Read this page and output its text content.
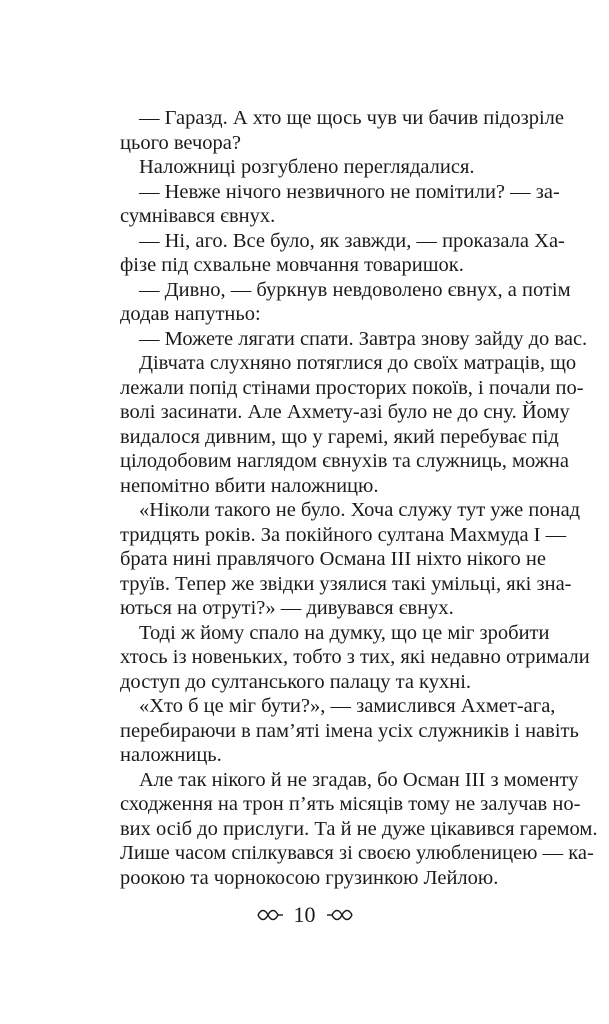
— Гаразд. А хто ще щось чув чи бачив підозріле
цього вечора?
Наложниці розгублено переглядалися.
— Невже нічого незвичного не помітили? — за-
сумнівався євнух.
— Ні, аго. Все було, як завжди, — проказала Ха-
фізе під схвальне мовчання товаришок.
— Дивно, — буркнув невдоволено євнух, а потім
додав напутньо:
— Можете лягати спати. Завтра знову зайду до вас.
Дівчата слухняно потяглися до своїх матраців, що
лежали попід стінами просторих покоїв, і почали по-
волі засинати. Але Ахмету-азі було не до сну. Йому
видалося дивним, що у гаремі, який перебуває під
цілодобовим наглядом євнухів та служниць, можна
непомітно вбити наложницю.
«Ніколи такого не було. Хоча служу тут уже понад
тридцять років. За покійного султана Махмуда І —
брата нині правлячого Османа ІІІ ніхто нікого не
труїв. Тепер же звідки узялися такі умільці, які зна-
ються на отруті?» — дивувався євнух.
Тоді ж йому спало на думку, що це міг зробити
хтось із новеньких, тобто з тих, які недавно отримали
доступ до султанського палацу та кухні.
«Хто б це міг бути?», — замислився Ахмет-ага,
перебираючи в пам’яті імена усіх служників і навіть
наложниць.
Але так нікого й не згадав, бо Осман ІІІ з моменту
сходження на трон п’ять місяців тому не залучав но-
вих осіб до прислуги. Та й не дуже цікавився гаремом.
Лише часом спілкувався зі своєю улюбленицею — ка-
роокою та чорнокосою грузинкою Лейлою.
10
